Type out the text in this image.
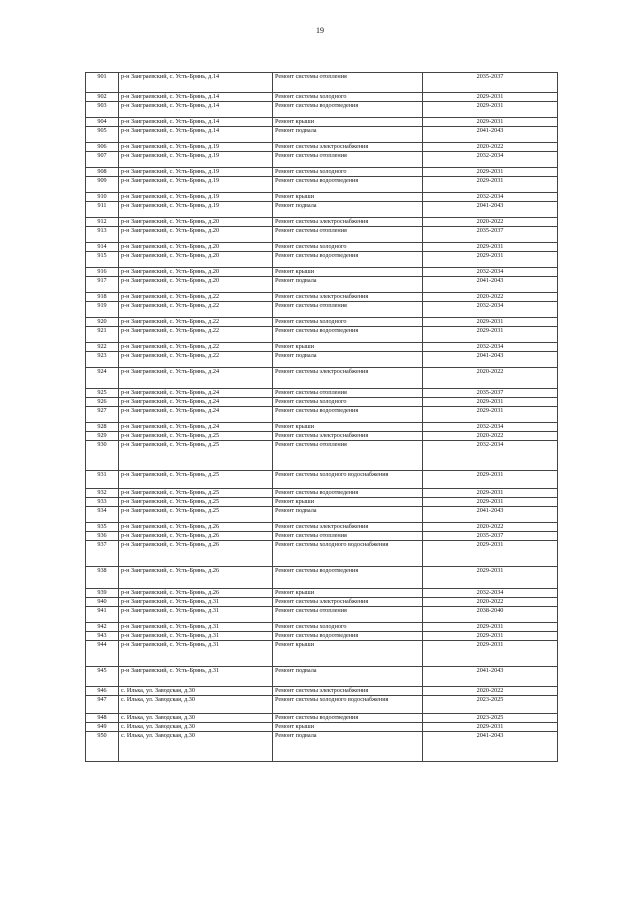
19
901	р-н Заиграевский, с. Усть-Брянь, д.14	Ремонт системы отопления	2035-2037
902	р-н Заиграевский, с. Усть-Брянь, д.14	Ремонт системы холодного	2029-2031
903	р-н Заиграевский, с. Усть-Брянь, д.14	Ремонт системы водоотведения	2029-2031
904	р-н Заиграевский, с. Усть-Брянь, д.14	Ремонт крыши	2029-2031
905	р-н Заиграевский, с. Усть-Брянь, д.14	Ремонт подвала	2041-2043
906	р-н Заиграевский, с. Усть-Брянь, д.19	Ремонт системы электроснабжения	2020-2022
907	р-н Заиграевский, с. Усть-Брянь, д.19	Ремонт системы отопления	2032-2034
908	р-н Заиграевский, с. Усть-Брянь, д.19	Ремонт системы холодного	2029-2031
909	р-н Заиграевский, с. Усть-Брянь, д.19	Ремонт системы водоотведения	2029-2031
910	р-н Заиграевский, с. Усть-Брянь, д.19	Ремонт крыши	2032-2034
911	р-н Заиграевский, с. Усть-Брянь, д.19	Ремонт подвала	2041-2043
912	р-н Заиграевский, с. Усть-Брянь, д.20	Ремонт системы электроснабжения	2020-2022
913	р-н Заиграевский, с. Усть-Брянь, д.20	Ремонт системы отопления	2035-2037
914	р-н Заиграевский, с. Усть-Брянь, д.20	Ремонт системы холодного	2029-2031
915	р-н Заиграевский, с. Усть-Брянь, д.20	Ремонт системы водоотведения	2029-2031
916	р-н Заиграевский, с. Усть-Брянь, д.20	Ремонт крыши	2032-2034
917	р-н Заиграевский, с. Усть-Брянь, д.20	Ремонт подвала	2041-2043
918	р-н Заиграевский, с. Усть-Брянь, д.22	Ремонт системы электроснабжения	2020-2022
919	р-н Заиграевский, с. Усть-Брянь, д.22	Ремонт системы отопления	2032-2034
920	р-н Заиграевский, с. Усть-Брянь, д.22	Ремонт системы холодного	2029-2031
921	р-н Заиграевский, с. Усть-Брянь, д.22	Ремонт системы водоотведения	2029-2031
922	р-н Заиграевский, с. Усть-Брянь, д.22	Ремонт крыши	2032-2034
923	р-н Заиграевский, с. Усть-Брянь, д.22	Ремонт подвала	2041-2043
924	р-н Заиграевский, с. Усть-Брянь, д.24	Ремонт системы электроснабжения	2020-2022
925	р-н Заиграевский, с. Усть-Брянь, д.24	Ремонт системы отопления	2035-2037
926	р-н Заиграевский, с. Усть-Брянь, д.24	Ремонт системы холодного	2029-2031
927	р-н Заиграевский, с. Усть-Брянь, д.24	Ремонт системы водоотведения	2029-2031
928	р-н Заиграевский, с. Усть-Брянь, д.24	Ремонт крыши	2032-2034
929	р-н Заиграевский, с. Усть-Брянь, д.25	Ремонт системы электроснабжения	2020-2022
930	р-н Заиграевский, с. Усть-Брянь, д.25	Ремонт системы отопления	2032-2034
931	р-н Заиграевский, с. Усть-Брянь, д.25	Ремонт системы холодного водоснабжения	2029-2031
932	р-н Заиграевский, с. Усть-Брянь, д.25	Ремонт системы водоотведения	2029-2031
933	р-н Заиграевский, с. Усть-Брянь, д.25	Ремонт крыши	2029-2031
934	р-н Заиграевский, с. Усть-Брянь, д.25	Ремонт подвала	2041-2043
935	р-н Заиграевский, с. Усть-Брянь, д.26	Ремонт системы электроснабжения	2020-2022
936	р-н Заиграевский, с. Усть-Брянь, д.26	Ремонт системы отопления	2035-2037
937	р-н Заиграевский, с. Усть-Брянь, д.26	Ремонт системы холодного водоснабжения	2029-2031
938	р-н Заиграевский, с. Усть-Брянь, д.26	Ремонт системы водоотведения	2029-2031
939	р-н Заиграевский, с. Усть-Брянь, д.26	Ремонт крыши	2032-2034
940	р-н Заиграевский, с. Усть-Брянь, д.31	Ремонт системы электроснабжения	2020-2022
941	р-н Заиграевский, с. Усть-Брянь, д.31	Ремонт системы отопления	2038-2040
942	р-н Заиграевский, с. Усть-Брянь, д.31	Ремонт системы холодного	2029-2031
943	р-н Заиграевский, с. Усть-Брянь, д.31	Ремонт системы водоотведения	2029-2031
944	р-н Заиграевский, с. Усть-Брянь, д.31	Ремонт крыши	2029-2031
945	р-н Заиграевский, с. Усть-Брянь, д.31	Ремонт подвала	2041-2043
946	с. Илька, ул. Заводская, д.30	Ремонт системы электроснабжения	2020-2022
947	с. Илька, ул. Заводская, д.30	Ремонт системы холодного водоснабжения	2023-2025
948	с. Илька, ул. Заводская, д.30	Ремонт системы водоотведения	2023-2025
949	с. Илька, ул. Заводская, д.30	Ремонт крыши	2029-2031
950	с. Илька, ул. Заводская, д.30	Ремонт подвала	2041-2043
